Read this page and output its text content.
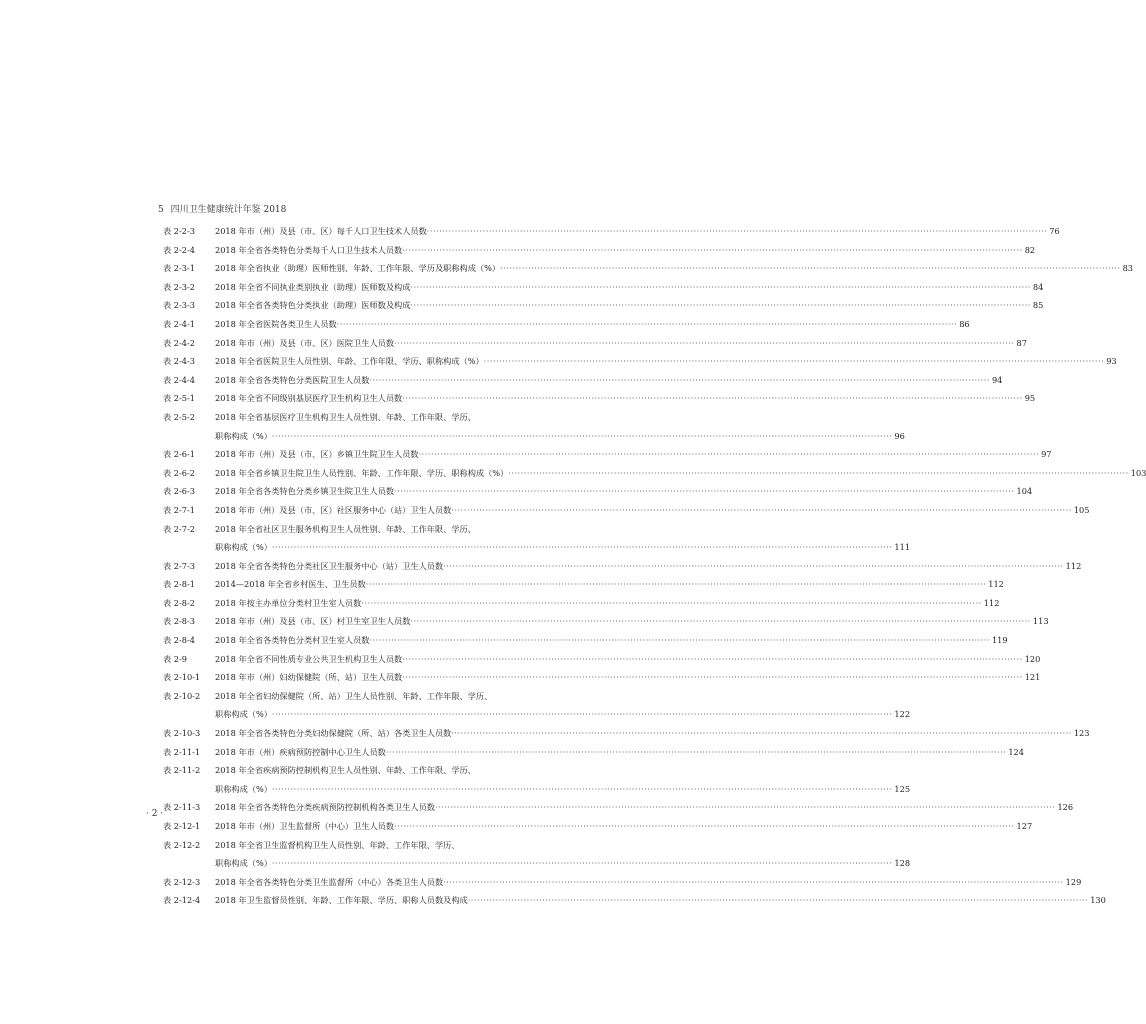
5 四川卫生健康统计年鉴 2018
表 2-2-3 2018 年市（州）及县（市、区）每千人口卫生技术人员数 ········································································································································································································ 76
表 2-2-4 2018 年全省各类特色分类每千人口卫生技术人员数 ········································································································································································································ 82
表 2-3-1 2018 年全省执业（助理）医师性别、年龄、工作年限、学历及职称构成（%） ········································································································································································································ 83
表 2-3-2 2018 年全省不同执业类别执业（助理）医师数及构成 ········································································································································································································ 84
表 2-3-3 2018 年全省各类特色分类执业（助理）医师数及构成 ········································································································································································································ 85
表 2-4-1 2018 年全省医院各类卫生人员数 ········································································································································································································ 86
表 2-4-2 2018 年市（州）及县（市、区）医院卫生人员数 ········································································································································································································ 87
表 2-4-3 2018 年全省医院卫生人员性别、年龄、工作年限、学历、职称构成（%） ········································································································································································································ 93
表 2-4-4 2018 年全省各类特色分类医院卫生人员数 ········································································································································································································ 94
表 2-5-1 2018 年全省不同级别基层医疗卫生机构卫生人员数 ········································································································································································································ 95
表 2-5-2 2018 年全省基层医疗卫生机构卫生人员性别、年龄、工作年限、学历、
职称构成（%） ········································································································································································································ 96
表 2-6-1 2018 年市（州）及县（市、区）乡镇卫生院卫生人员数 ········································································································································································································ 97
表 2-6-2 2018 年全省乡镇卫生院卫生人员性别、年龄、工作年限、学历、职称构成（%） ········································································································································································································ 103
表 2-6-3 2018 年全省各类特色分类乡镇卫生院卫生人员数 ········································································································································································································ 104
表 2-7-1 2018 年市（州）及县（市、区）社区服务中心（站）卫生人员数 ········································································································································································································ 105
表 2-7-2 2018 年全省社区卫生服务机构卫生人员性别、年龄、工作年限、学历、
职称构成（%） ········································································································································································································ 111
表 2-7-3 2018 年全省各类特色分类社区卫生服务中心（站）卫生人员数 ········································································································································································································ 112
表 2-8-1 2014—2018 年全省乡村医生、卫生员数 ········································································································································································································ 112
表 2-8-2 2018 年按主办单位分类村卫生室人员数 ········································································································································································································ 112
表 2-8-3 2018 年市（州）及县（市、区）村卫生室卫生人员数 ········································································································································································································ 113
表 2-8-4 2018 年全省各类特色分类村卫生室人员数 ········································································································································································································ 119
表 2-9	2018 年全省不同性质专业公共卫生机构卫生人员数 ········································································································································································································ 120
表 2-10-1 2018 年市（州）妇幼保健院（所、站）卫生人员数 ········································································································································································································ 121
表 2-10-2 2018 年全省妇幼保健院（所、站）卫生人员性别、年龄、工作年限、学历、
职称构成（%） ········································································································································································································ 122
表 2-10-3 2018 年全省各类特色分类妇幼保健院（所、站）各类卫生人员数 ········································································································································································································ 123
表 2-11-1 2018 年市（州）疾病预防控制中心卫生人员数 ········································································································································································································ 124
表 2-11-2 2018 年全省疾病预防控制机构卫生人员性别、年龄、工作年限、学历、
职称构成（%） ········································································································································································································ 125
表 2-11-3 2018 年全省各类特色分类疾病预防控制机构各类卫生人员数 ········································································································································································································ 126
表 2-12-1 2018 年市（州）卫生监督所（中心）卫生人员数 ········································································································································································································ 127
表 2-12-2 2018 年全省卫生监督机构卫生人员性别、年龄、工作年限、学历、
职称构成（%） ········································································································································································································ 128
表 2-12-3 2018 年全省各类特色分类卫生监督所（中心）各类卫生人员数 ········································································································································································································ 129
表 2-12-4 2018 年卫生监督员性别、年龄、工作年限、学历、职称人员数及构成 ········································································································································································································ 130
· 2 ·
